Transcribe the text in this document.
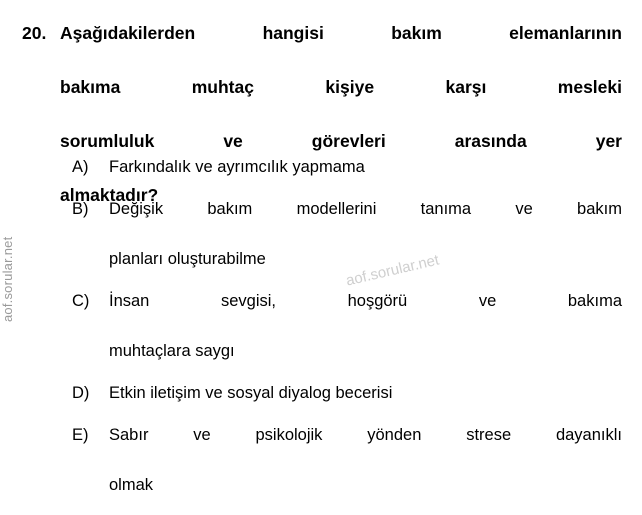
aof.sorular.net	aof.sorular.net
20. Aşağıdakilerden hangisi bakım elemanlarının
bakıma muhtaç kişiye karşı mesleki
sorumluluk ve görevleri arasında yer
almaktadır?
A)	Farkındalık ve ayrımcılık yapmama
B)	Değişik bakım modellerini tanıma ve bakım
planları oluşturabilme
C)	İnsan sevgisi, hoşgörü ve bakıma
muhtaçlara saygı
D)	Etkin iletişim ve sosyal diyalog becerisi
E)	Sabır ve psikolojik yönden strese dayanıklı
olmak
